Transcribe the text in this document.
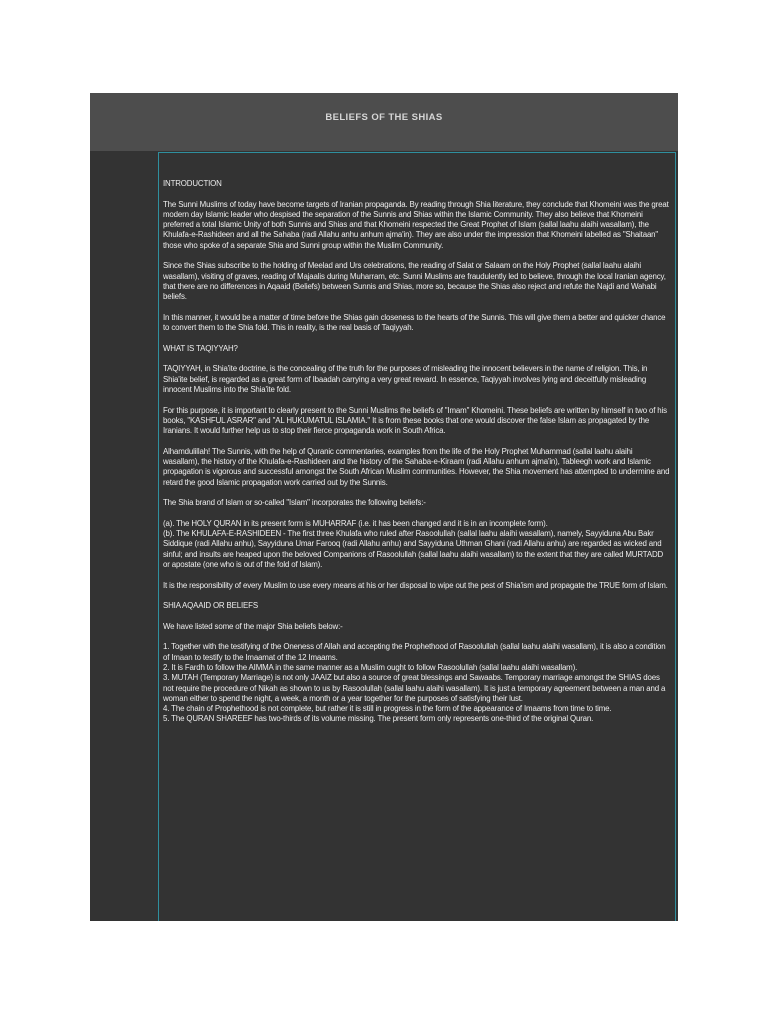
BELIEFS OF THE SHIAS

INTRODUCTION

The Sunni Muslims of today have become targets of Iranian propaganda. By reading through Shia literature, they conclude that Khomeini was the great modern day Islamic leader who despised the separation of the Sunnis and Shias within the Islamic Community. They also believe that Khomeini preferred a total Islamic Unity of both Sunnis and Shias and that Khomeini respected the Great Prophet of Islam (sallal laahu alaihi wasallam), the Khulafa-e-Rashideen and all the Sahaba (radi Allahu anhu anhum ajma'in). They are also under the impression that Khomeini labelled as "Shaitaan" those who spoke of a separate Shia and Sunni group within the Muslim Community.

Since the Shias subscribe to the holding of Meelad and Urs celebrations, the reading of Salat or Salaam on the Holy Prophet (sallal laahu alaihi wasallam), visiting of graves, reading of Majaalis during Muharram, etc. Sunni Muslims are fraudulently led to believe, through the local Iranian agency, that there are no differences in Aqaaid (Beliefs) between Sunnis and Shias, more so, because the Shias also reject and refute the Najdi and Wahabi beliefs.

In this manner, it would be a matter of time before the Shias gain closeness to the hearts of the Sunnis. This will give them a better and quicker chance to convert them to the Shia fold. This in reality, is the real basis of Taqiyyah.

WHAT IS TAQIYYAH?

TAQIYYAH, in Shia'ite doctrine, is the concealing of the truth for the purposes of misleading the innocent believers in the name of religion. This, in Shia'ite belief, is regarded as a great form of Ibaadah carrying a very great reward. In essence, Taqiyyah involves lying and deceitfully misleading innocent Muslims into the Shia'ite fold.

For this purpose, it is important to clearly present to the Sunni Muslims the beliefs of "Imam" Khomeini. These beliefs are written by himself in two of his books, "KASHFUL ASRAR" and "AL HUKUMATUL ISLAMIA." It is from these books that one would discover the false Islam as propagated by the Iranians. It would further help us to stop their fierce propaganda work in South Africa.

Alhamdulillah! The Sunnis, with the help of Quranic commentaries, examples from the life of the Holy Prophet Muhammad (sallal laahu alaihi wasallam), the history of the Khulafa-e-Rashideen and the history of the Sahaba-e-Kiraam (radi Allahu anhum ajma'in), Tableegh work and Islamic propagation is vigorous and successful amongst the South African Muslim communities. However, the Shia movement has attempted to undermine and retard the good Islamic propagation work carried out by the Sunnis.

The Shia brand of Islam or so-called "Islam" incorporates the following beliefs:-

(a). The HOLY QURAN in its present form is MUHARRAF (i.e. it has been changed and it is in an incomplete form).
(b). The KHULAFA-E-RASHIDEEN - The first three Khulafa who ruled after Rasoolullah (sallal laahu alaihi wasallam), namely, Sayyiduna Abu Bakr Siddique (radi Allahu anhu), Sayyiduna Umar Farooq (radi Allahu anhu) and Sayyiduna Uthman Ghani (radi Allahu anhu) are regarded as wicked and sinful; and insults are heaped upon the beloved Companions of Rasoolullah (sallal laahu alaihi wasallam) to the extent that they are called MURTADD or apostate (one who is out of the fold of Islam).

It is the responsibility of every Muslim to use every means at his or her disposal to wipe out the pest of Shia'ism and propagate the TRUE form of Islam.

SHIA AQAAID OR BELIEFS

We have listed some of the major Shia beliefs below:-

1. Together with the testifying of the Oneness of Allah and accepting the Prophethood of Rasoolullah (sallal laahu alaihi wasallam), it is also a condition of Imaan to testify to the Imaamat of the 12 Imaams.
2. It is Fardh to follow the AIMMA in the same manner as a Muslim ought to follow Rasoolullah (sallal laahu alaihi wasallam).
3. MUTAH (Temporary Marriage) is not only JAAIZ but also a source of great blessings and Sawaabs. Temporary marriage amongst the SHIAS does not require the procedure of Nikah as shown to us by Rasoolullah (sallal laahu alaihi wasallam). It is just a temporary agreement between a man and a woman either to spend the night, a week, a month or a year together for the purposes of satisfying their lust.
4. The chain of Prophethood is not complete, but rather it is still in progress in the form of the appearance of Imaams from time to time.
5. The QURAN SHAREEF has two-thirds of its volume missing. The present form only represents one-third of the original Quran.
